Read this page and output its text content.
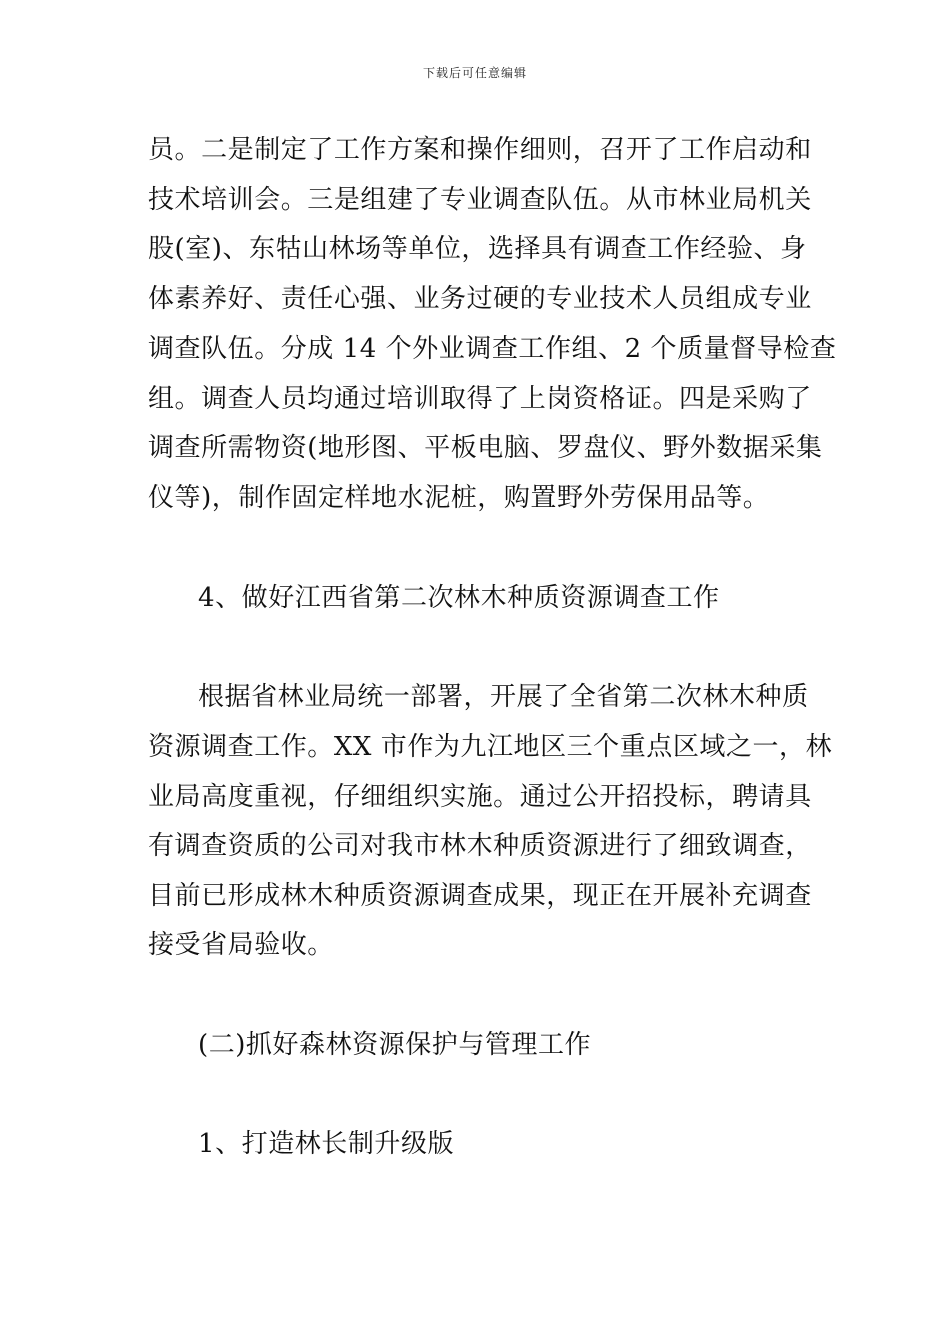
下载后可任意编辑
员。二是制定了工作方案和操作细则，召开了工作启动和
技术培训会。三是组建了专业调查队伍。从市林业局机关
股(室)、东牯山林场等单位，选择具有调查工作经验、身
体素养好、责任心强、业务过硬的专业技术人员组成专业
调查队伍。分成 14 个外业调查工作组、2 个质量督导检查
组。调查人员均通过培训取得了上岗资格证。四是采购了
调查所需物资(地形图、平板电脑、罗盘仪、野外数据采集
仪等)，制作固定样地水泥桩，购置野外劳保用品等。
4、做好江西省第二次林木种质资源调查工作
根据省林业局统一部署，开展了全省第二次林木种质
资源调查工作。XX 市作为九江地区三个重点区域之一，林
业局高度重视，仔细组织实施。通过公开招投标，聘请具
有调查资质的公司对我市林木种质资源进行了细致调查，
目前已形成林木种质资源调查成果，现正在开展补充调查
接受省局验收。
(二)抓好森林资源保护与管理工作
1、打造林长制升级版
